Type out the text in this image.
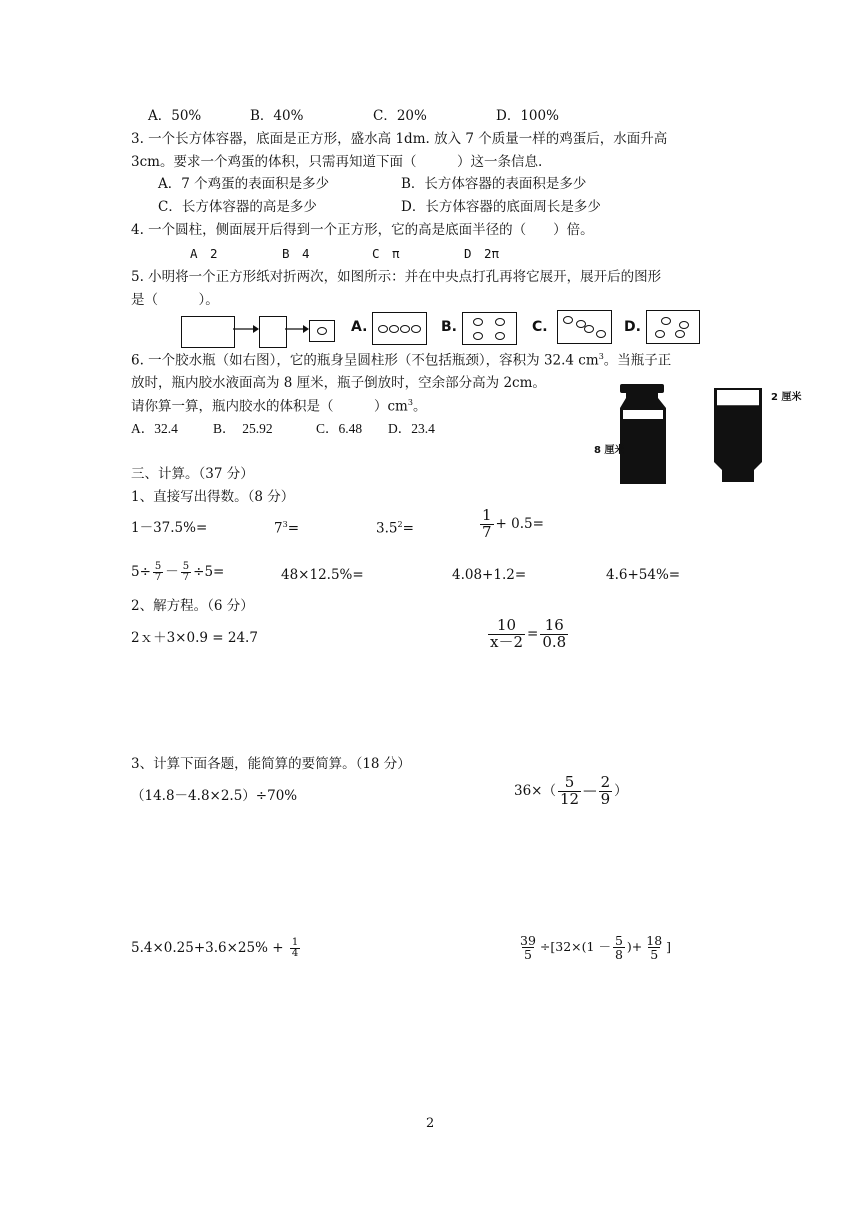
A．50%	B．40%	C．20%	D．100%
3. 一个长方体容器，底面是正方形，盛水高 1dm. 放入 7 个质量一样的鸡蛋后，水面升高
3cm。要求一个鸡蛋的体积，只需再知道下面（　　　）这一条信息.
A．7 个鸡蛋的表面积是多少	B．长方体容器的表面积是多少
C．长方体容器的高是多少	D．长方体容器的底面周长是多少
4. 一个圆柱，侧面展开后得到一个正方形，它的高是底面半径的（　　）倍。
A　2	B　4	C　π	D　2π
5. 小明将一个正方形纸对折两次，如图所示：并在中央点打孔再将它展开，展开后的图形
是（　　　）。
A.	B.	C.	D.
6. 一个胶水瓶（如右图），它的瓶身呈圆柱形（不包括瓶颈），容积为 32.4 $cm^3$。当瓶子正
放时，瓶内胶水液面高为 8 厘米，瓶子倒放时，空余部分高为 2cm。
请你算一算，瓶内胶水的体积是（　　　）$cm^3$。
A．32.4	B．　25.92	C．6.48 D．23.4
8 厘米
2 厘米
三、计算。（37 分）
1、直接写出得数。（8 分）
1－37.5%=	$7^3=$	$3.5^2=$	$\frac{1}{7} + 0.5=$
$5\div \frac{5}{7} - \frac{5}{7} \div 5=$	48×12.5%=	4.08+1.2=	4.6+54%=
2、解方程。（6 分）
2ｘ＋3×0.9 = 24.7	$\frac{10}{x-2} = \frac{16}{0.8}$
3、计算下面各题，能简算的要简算。（18 分）
（14.8－4.8×2.5）÷70%	$36\times( \frac{5}{12}$ — $\frac{2}{9}$ ）
$5.4\times 0.25+3.6\times 25\% + \frac{1}{4}$	$\frac{39}{5} \div[32\times(1 - \frac{5}{8}$ )+ $\frac{18}{5}$ ]
2
